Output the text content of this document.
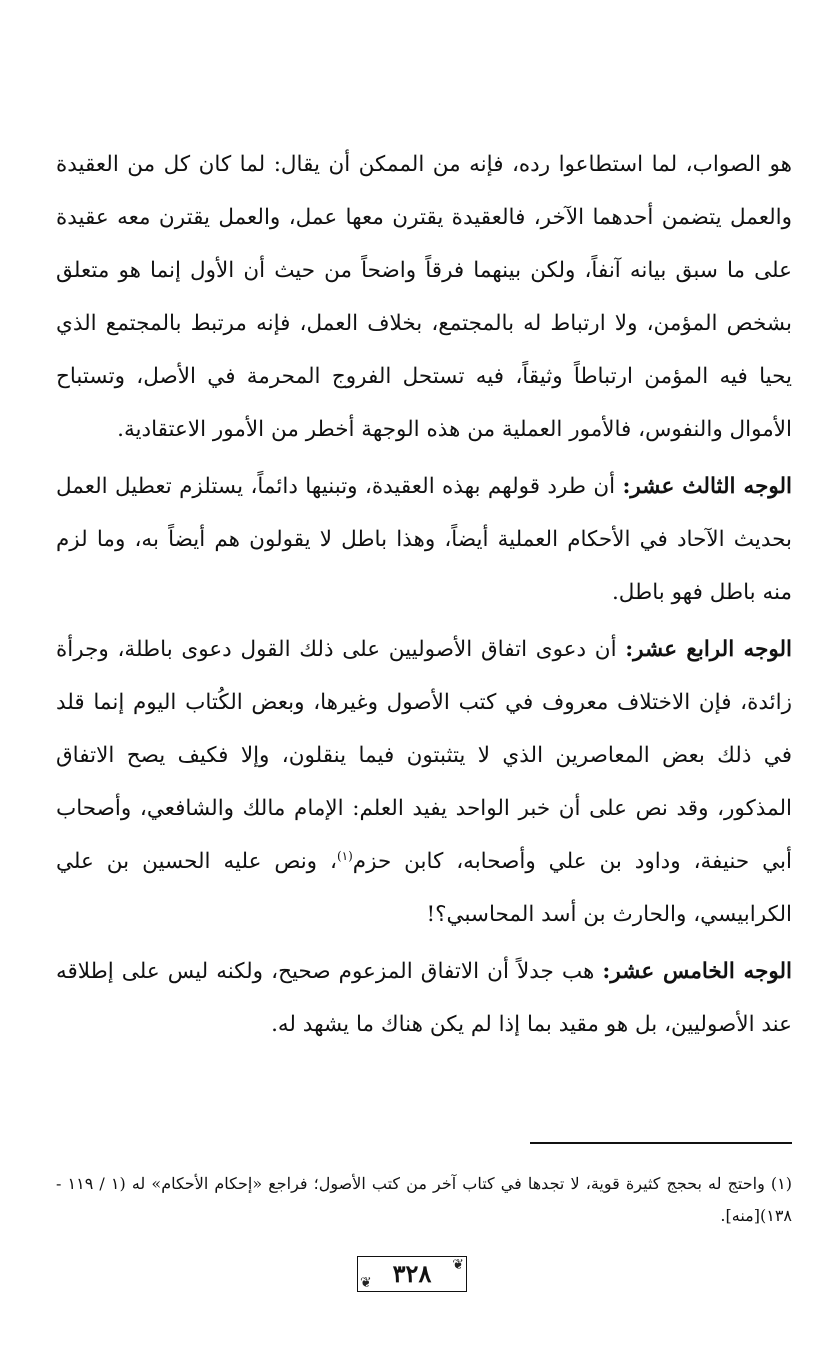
هو الصواب، لما استطاعوا رده، فإنه من الممكن أن يقال: لما كان كل من العقيدة والعمل يتضمن أحدهما الآخر، فالعقيدة يقترن معها عمل، والعمل يقترن معه عقيدة على ما سبق بيانه آنفاً، ولكن بينهما فرقاً واضحاً من حيث أن الأول إنما هو متعلق بشخص المؤمن، ولا ارتباط له بالمجتمع، بخلاف العمل، فإنه مرتبط بالمجتمع الذي يحيا فيه المؤمن ارتباطاً وثيقاً، فيه تستحل الفروج المحرمة في الأصل، وتستباح الأموال والنفوس، فالأمور العملية من هذه الوجهة أخطر من الأمور الاعتقادية.

الوجه الثالث عشر: أن طرد قولهم بهذه العقيدة، وتبنيها دائماً، يستلزم تعطيل العمل بحديث الآحاد في الأحكام العملية أيضاً، وهذا باطل لا يقولون هم أيضاً به، وما لزم منه باطل فهو باطل.

الوجه الرابع عشر: أن دعوى اتفاق الأصوليين على ذلك القول دعوى باطلة، وجرأة زائدة، فإن الاختلاف معروف في كتب الأصول وغيرها، وبعض الكُتاب اليوم إنما قلد في ذلك بعض المعاصرين الذي لا يتثبتون فيما ينقلون، وإلا فكيف يصح الاتفاق المذكور، وقد نص على أن خبر الواحد يفيد العلم: الإمام مالك والشافعي، وأصحاب أبي حنيفة، وداود بن علي وأصحابه، كابن حزم$^{(١)}$، ونص عليه الحسين بن علي الكرابيسي، والحارث بن أسد المحاسبي؟!

الوجه الخامس عشر: هب جدلاً أن الاتفاق المزعوم صحيح، ولكنه ليس على إطلاقه عند الأصوليين، بل هو مقيد بما إذا لم يكن هناك ما يشهد له.

(١) واحتج له بحجج كثيرة قوية، لا تجدها في كتاب آخر من كتب الأصول؛ فراجع «إحكام الأحكام» له (١ / ١١٩ - ١٣٨)[منه].
❦
❦ ٣٢٨
